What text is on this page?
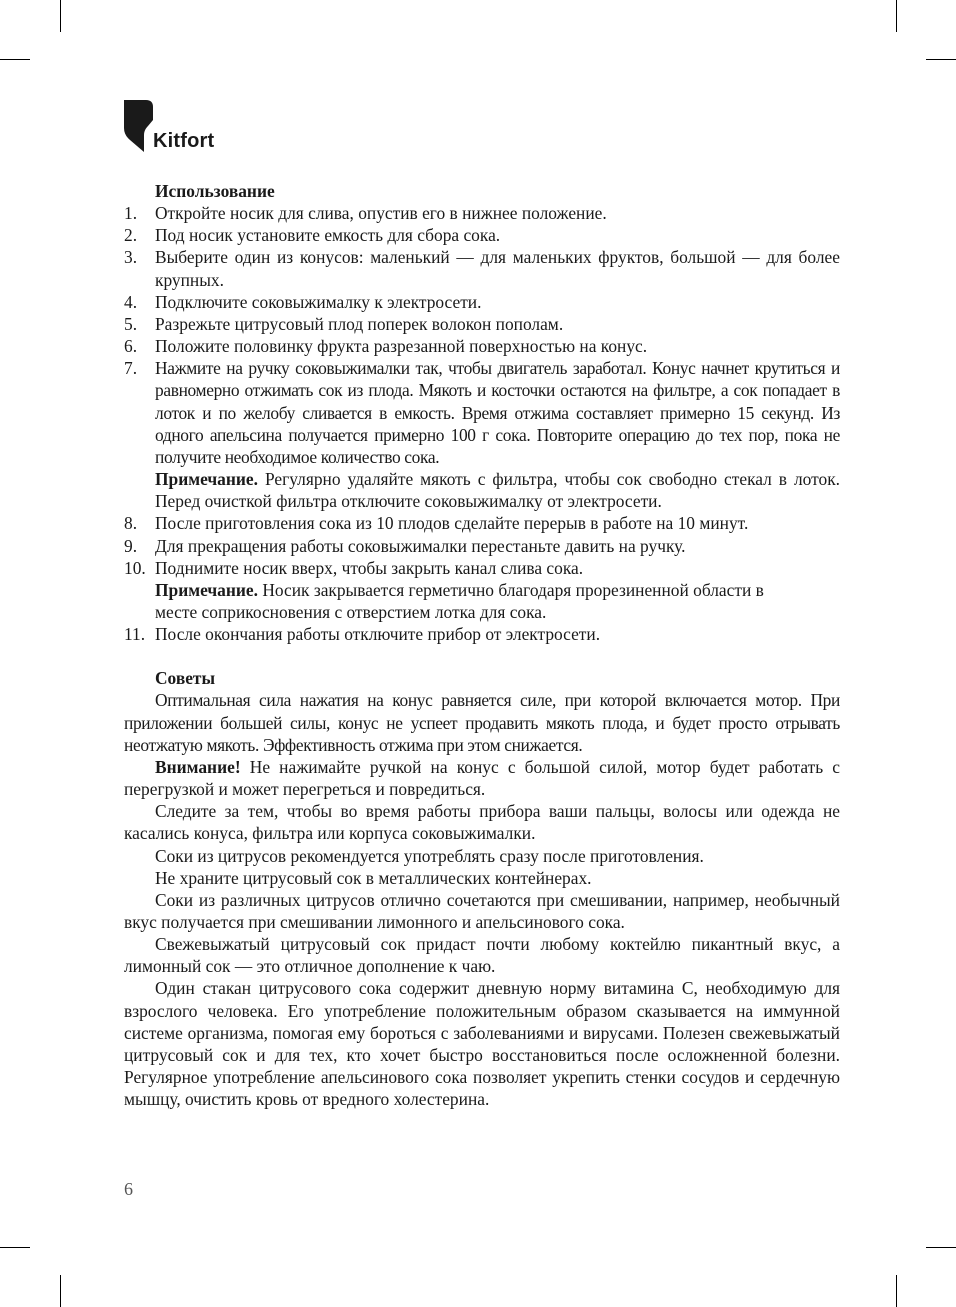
Kitfort
Использование
1. Откройте носик для слива, опустив его в нижнее положение.
2. Под носик установите емкость для сбора сока.
3. Выберите один из конусов: маленький — для маленьких фруктов, большой — для более крупных.
4. Подключите соковыжималку к электросети.
5. Разрежьте цитрусовый плод поперек волокон пополам.
6. Положите половинку фрукта разрезанной поверхностью на конус.
7. Нажмите на ручку соковыжималки так, чтобы двигатель заработал. Конус начнет крутиться и равномерно отжимать сок из плода. Мякоть и косточки остаются на фильтре, а сок попадает в лоток и по желобу сливается в емкость. Время отжима составляет примерно 15 секунд. Из одного апельсина получается примерно 100 г сока. Повторите операцию до тех пор, пока не получите необходимое количество сока.
Примечание. Регулярно удаляйте мякоть с фильтра, чтобы сок свободно стекал в лоток. Перед очисткой фильтра отключите соковыжималку от электросети.
8. После приготовления сока из 10 плодов сделайте перерыв в работе на 10 минут.
9. Для прекращения работы соковыжималки перестаньте давить на ручку.
10. Поднимите носик вверх, чтобы закрыть канал слива сока.
Примечание. Носик закрывается герметично благодаря прорезиненной области в месте соприкосновения с отверстием лотка для сока.
11. После окончания работы отключите прибор от электросети.
Советы

Оптимальная сила нажатия на конус равняется силе, при которой включается мотор. При приложении большей силы, конус не успеет продавить мякоть плода, и будет просто отрывать неотжатую мякоть. Эффективность отжима при этом снижается.

Внимание! Не нажимайте ручкой на конус с большой силой, мотор будет работать с перегрузкой и может перегреться и повредиться.

Следите за тем, чтобы во время работы прибора ваши пальцы, волосы или одежда не касались конуса, фильтра или корпуса соковыжималки.

Соки из цитрусов рекомендуется употреблять сразу после приготовления.

Не храните цитрусовый сок в металлических контейнерах.

Соки из различных цитрусов отлично сочетаются при смешивании, например, необычный вкус получается при смешивании лимонного и апельсинового сока.

Свежевыжатый цитрусовый сок придаст почти любому коктейлю пикантный вкус, а лимонный сок — это отличное дополнение к чаю.

Один стакан цитрусового сока содержит дневную норму витамина С, необходимую для взрослого человека. Его употребление положительным образом сказывается на иммунной системе организма, помогая ему бороться с заболеваниями и вирусами. Полезен свежевыжатый цитрусовый сок и для тех, кто хочет быстро восстановиться после осложненной болезни. Регулярное употребление апельсинового сока позволяет укрепить стенки сосудов и сердечную мышцу, очистить кровь от вредного холестерина.

6
